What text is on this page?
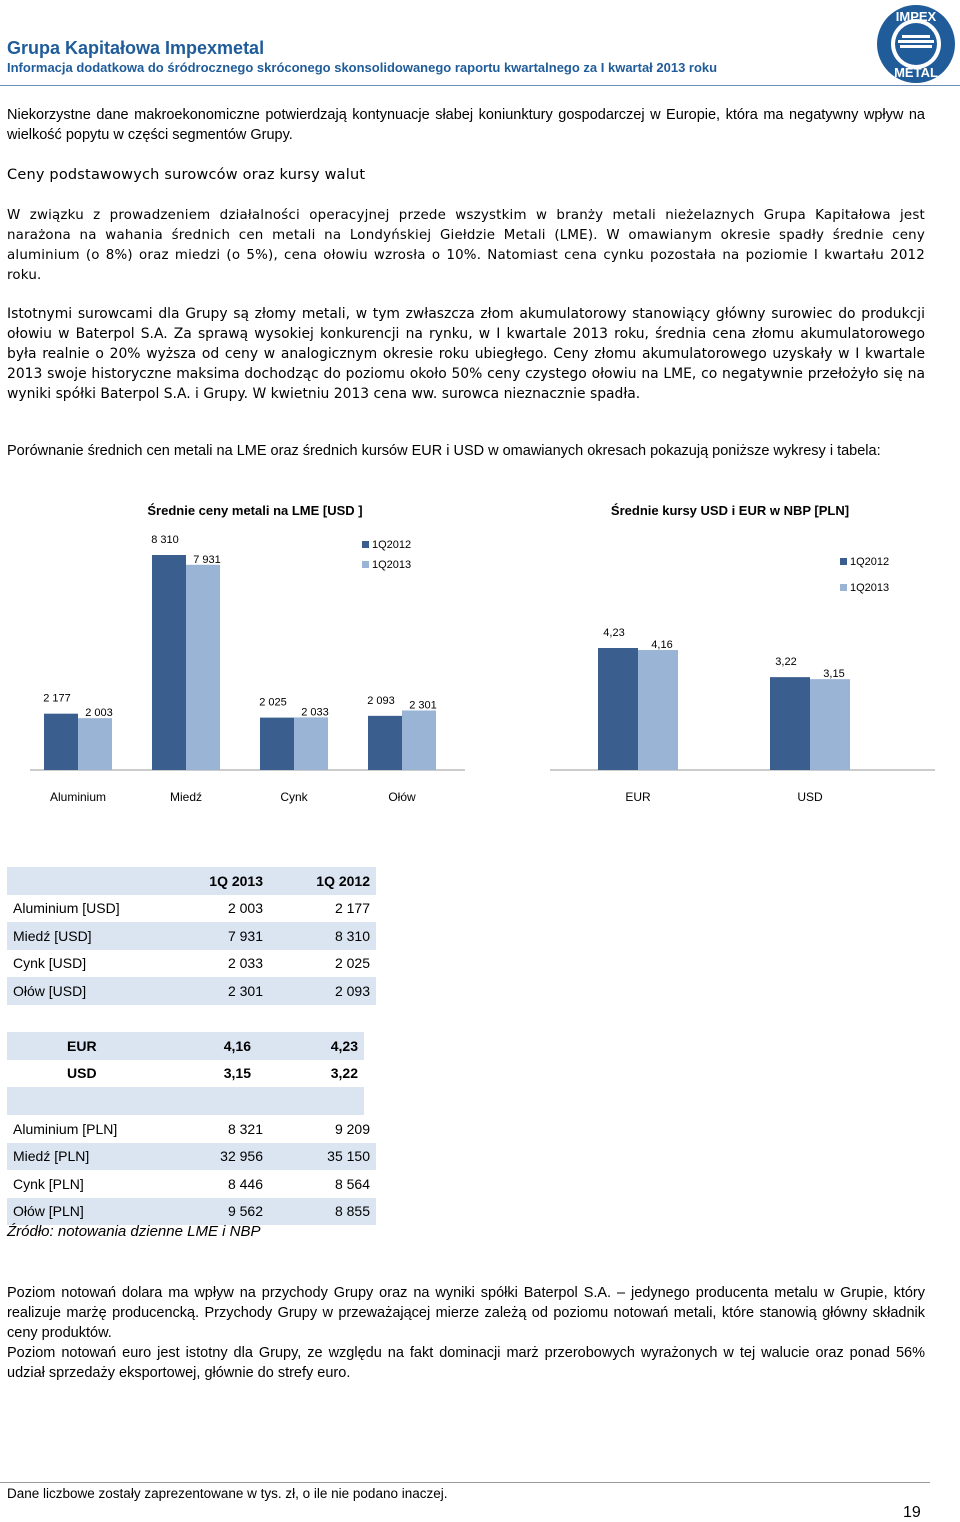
Grupa Kapitałowa Impexmetal
Informacja dodatkowa do śródrocznego skróconego skonsolidowanego raportu kwartalnego za I kwartał 2013 roku
IMPEX
METAL
Niekorzystne dane makroekonomiczne potwierdzają kontynuacje słabej koniunktury gospodarczej w Europie, która ma negatywny wpływ na wielkość popytu w części segmentów Grupy.
Ceny podstawowych surowców oraz kursy walut
W związku z prowadzeniem działalności operacyjnej przede wszystkim w branży metali nieżelaznych Grupa Kapitałowa jest narażona na wahania średnich cen metali na Londyńskiej Giełdzie Metali (LME). W omawianym okresie spadły średnie ceny aluminium (o 8%) oraz miedzi (o 5%), cena ołowiu wzrosła o 10%. Natomiast cena cynku pozostała na poziomie I kwartału 2012 roku.
Istotnymi surowcami dla Grupy są złomy metali, w tym zwłaszcza złom akumulatorowy stanowiący główny surowiec do produkcji ołowiu w Baterpol S.A. Za sprawą wysokiej konkurencji na rynku, w I kwartale 2013 roku, średnia cena złomu akumulatorowego była realnie o 20% wyższa od ceny w analogicznym okresie roku ubiegłego. Ceny złomu akumulatorowego uzyskały w I kwartale 2013 swoje historyczne maksima dochodząc do poziomu około 50% ceny czystego ołowiu na LME, co negatywnie przełożyło się na wyniki spółki Baterpol S.A. i Grupy. W kwietniu 2013 cena ww. surowca nieznacznie spadła.
Porównanie średnich cen metali na LME oraz średnich kursów EUR i USD w omawianych okresach pokazują poniższe wykresy i tabela:
Średnie ceny metali na LME [USD ]
2 177
2 003
Aluminium
8 310
7 931
Miedź
2 025
2 033
Cynk
2 093 2 301
Ołów
1Q2012
1Q2013
Średnie kursy USD i EUR w NBP [PLN]
4,23
4,16
EUR
3,22
3,15
USD
1Q2012
1Q2013
	1Q 2013	1Q 2012
Aluminium [USD]	2 003	2 177
Miedź [USD]	7 931	8 310
Cynk [USD]	2 033	2 025
Ołów [USD]	2 301	2 093
EUR	4,16	4,23
USD	3,15	3,22

Aluminium [PLN]	8 321	9 209
Miedź [PLN]	32 956	35 150
Cynk [PLN]	8 446	8 564
Ołów [PLN]	9 562	8 855
Źródło: notowania dzienne LME i NBP
Poziom notowań dolara ma wpływ na przychody Grupy oraz na wyniki spółki Baterpol S.A. – jedynego producenta metalu w Grupie, który realizuje marżę producencką. Przychody Grupy w przeważającej mierze zależą od poziomu notowań metali, które stanowią główny składnik ceny produktów.
Poziom notowań euro jest istotny dla Grupy, ze względu na fakt dominacji marż przerobowych wyrażonych w tej walucie oraz ponad 56% udział sprzedaży eksportowej, głównie do strefy euro.
Dane liczbowe zostały zaprezentowane w tys. zł, o ile nie podano inaczej.
19
